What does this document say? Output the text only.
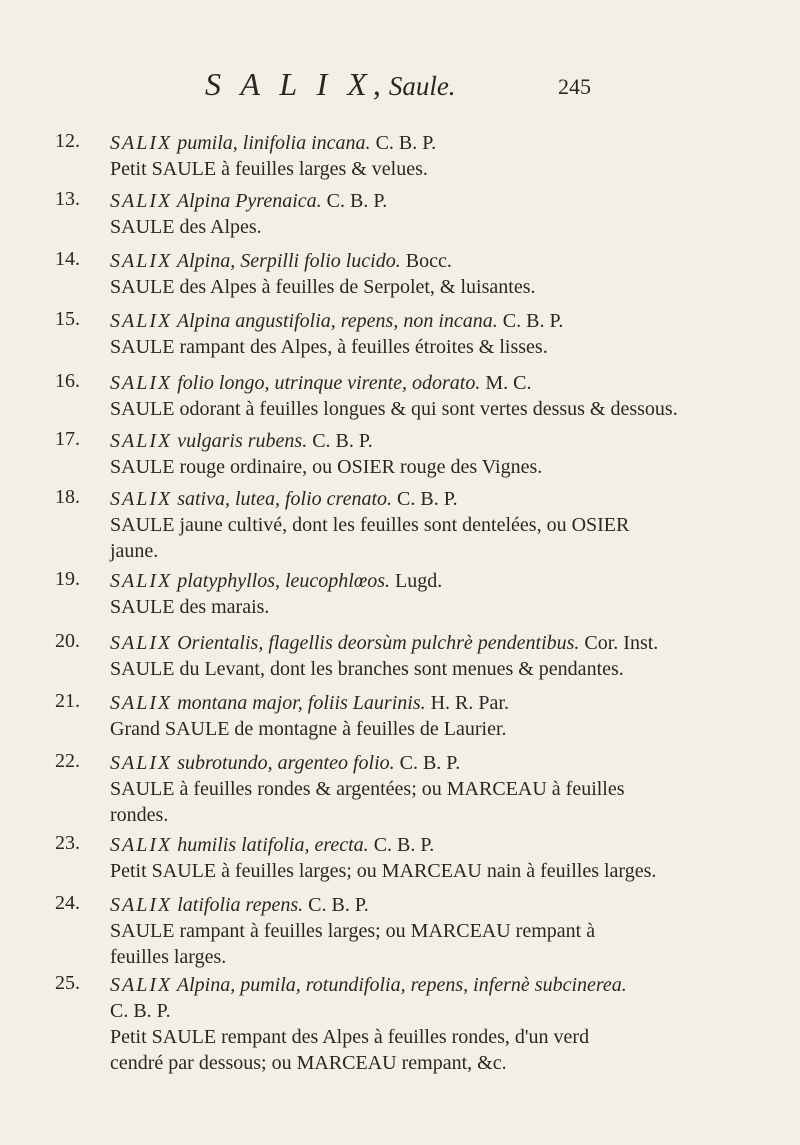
S A L I X, Saule.	245
12. SALIX pumila, linifolia incana. C. B. P.
Petit SAULE à feuilles larges & velues.
13. SALIX Alpina Pyrenaica. C. B. P.
SAULE des Alpes.
14. SALIX Alpina, Serpilli folio lucido. Bocc.
SAULE des Alpes à feuilles de Serpolet, & luisantes.
15. SALIX Alpina angustifolia, repens, non incana. C. B. P.
SAULE rampant des Alpes, à feuilles étroites & lisses.
16. SALIX folio longo, utrinque virente, odorato. M. C.
SAULE odorant à feuilles longues & qui sont vertes dessus & dessous.
17. SALIX vulgaris rubens. C. B. P.
SAULE rouge ordinaire, ou OSIER rouge des Vignes.
18. SALIX sativa, lutea, folio crenato. C. B. P.
SAULE jaune cultivé, dont les feuilles sont dentelées, ou OSIER
jaune.
19. SALIX platyphyllos, leucophlœos. Lugd.
SAULE des marais.
20. SALIX Orientalis, flagellis deorsùm pulchrè pendentibus. Cor. Inst.
SAULE du Levant, dont les branches sont menues & pendantes.
21. SALIX montana major, foliis Laurinis. H. R. Par.
Grand SAULE de montagne à feuilles de Laurier.
22. SALIX subrotundo, argenteo folio. C. B. P.
SAULE à feuilles rondes & argentées; ou MARCEAU à feuilles
rondes.
23. SALIX humilis latifolia, erecta. C. B. P.
Petit SAULE à feuilles larges; ou MARCEAU nain à feuilles larges.
24. SALIX latifolia repens. C. B. P.
SAULE rampant à feuilles larges; ou MARCEAU rempant à
feuilles larges.
25. SALIX Alpina, pumila, rotundifolia, repens, infernè subcinerea.
C. B. P.
Petit SAULE rempant des Alpes à feuilles rondes, d'un verd
cendré par dessous; ou MARCEAU rempant, &c.
